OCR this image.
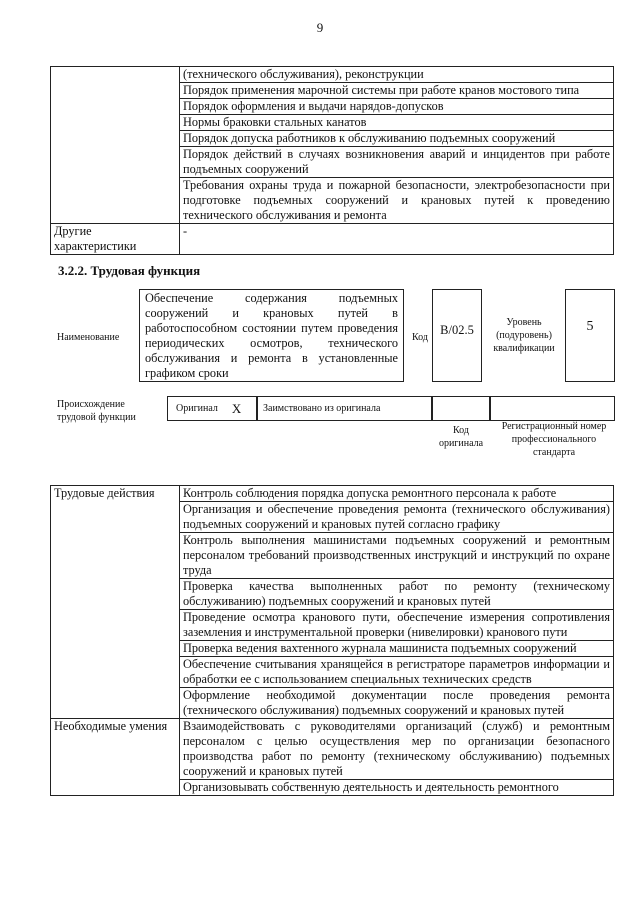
9
	(технического обслуживания), реконструкции
	Порядок применения марочной системы при работе кранов мостового типа
	Порядок оформления и выдачи нарядов-допусков
	Нормы браковки стальных канатов
	Порядок допуска работников к обслуживанию подъемных сооружений
	Порядок действий в случаях возникновения аварий и инцидентов при работе подъемных сооружений
	Требования охраны труда и пожарной безопасности, электробезопасности при подготовке подъемных сооружений и крановых путей к проведению технического обслуживания и ремонта
Другие характеристики	-
3.2.2. Трудовая функция
Наименование
Обеспечение содержания подъемных сооружений и крановых путей в работоспособном состоянии путем проведения периодических осмотров, технического обслуживания и ремонта в установленные графиком сроки
Код
B/02.5
Уровень (подуровень) квалификации
5
Происхождение трудовой функции
Оригинал X Заимствовано из оригинала
Код оригинала
Регистрационный номер профессионального стандарта
Трудовые действия	Контроль соблюдения порядка допуска ремонтного персонала к работе
	Организация и обеспечение проведения ремонта (технического обслуживания) подъемных сооружений и крановых путей согласно графику
	Контроль выполнения машинистами подъемных сооружений и ремонтным персоналом требований производственных инструкций и инструкций по охране труда
	Проверка качества выполненных работ по ремонту (техническому обслуживанию) подъемных сооружений и крановых путей
	Проведение осмотра кранового пути, обеспечение измерения сопротивления заземления и инструментальной проверки (нивелировки) кранового пути
	Проверка ведения вахтенного журнала машиниста подъемных сооружений
	Обеспечение считывания хранящейся в регистраторе параметров информации и обработки ее с использованием специальных технических средств
	Оформление необходимой документации после проведения ремонта (технического обслуживания) подъемных сооружений и крановых путей
Необходимые умения	Взаимодействовать с руководителями организаций (служб) и ремонтным персоналом с целью осуществления мер по организации безопасного производства работ по ремонту (техническому обслуживанию) подъемных сооружений и крановых путей
	Организовывать собственную деятельность и деятельность ремонтного
